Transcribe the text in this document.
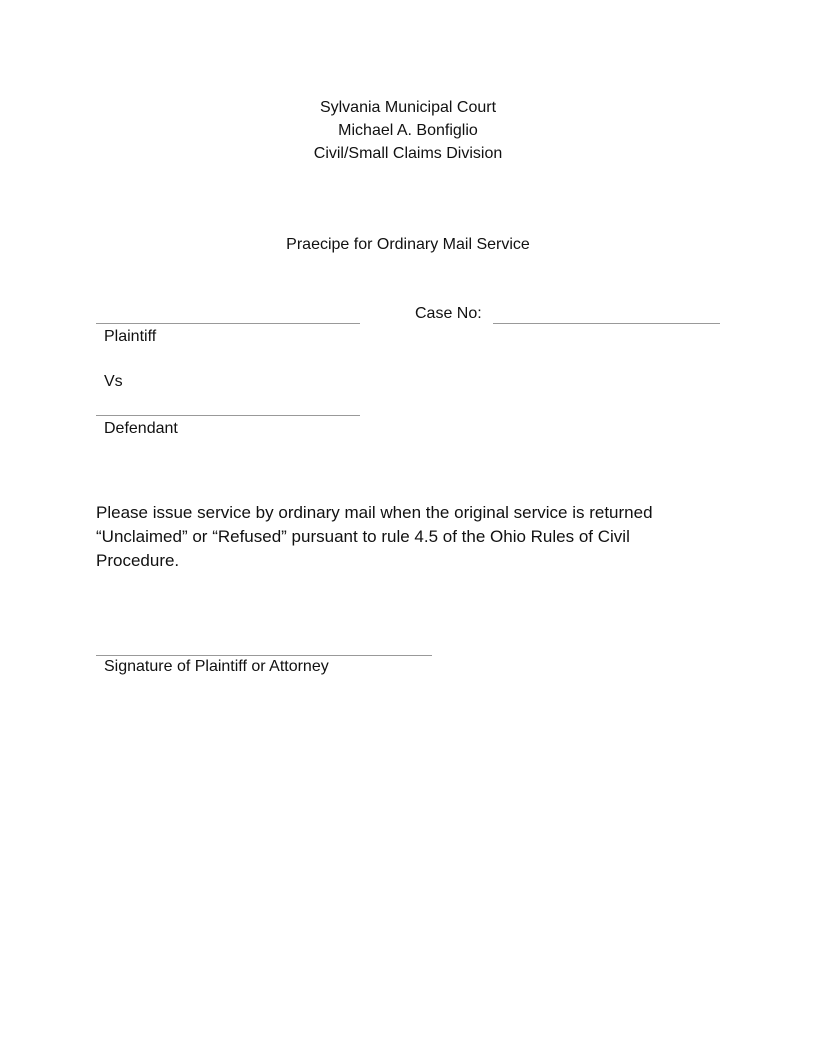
Sylvania Municipal Court
Michael A. Bonfiglio
Civil/Small Claims Division
Praecipe for Ordinary Mail Service
Case No:
Plaintiff
Vs
Defendant
Please issue service by ordinary mail when the original service is returned
“Unclaimed” or “Refused” pursuant to rule 4.5 of the Ohio Rules of Civil
Procedure.
Signature of Plaintiff or Attorney
